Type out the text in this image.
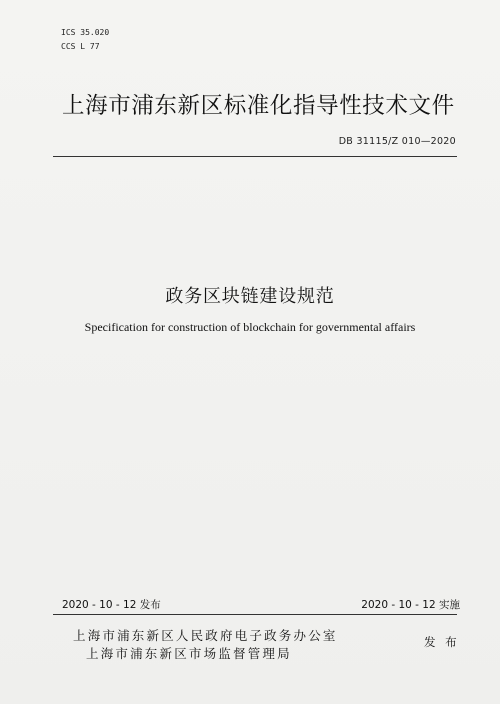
ICS 35.020
CCS L 77
上海市浦东新区标准化指导性技术文件
DB 31115/Z 010—2020
政务区块链建设规范
Specification for construction of blockchain for governmental affairs
2020 - 10 - 12 发布	2020 - 10 - 12 实施
上海市浦东新区人民政府电子政务办公室
上海市浦东新区市场监督管理局
发 布
